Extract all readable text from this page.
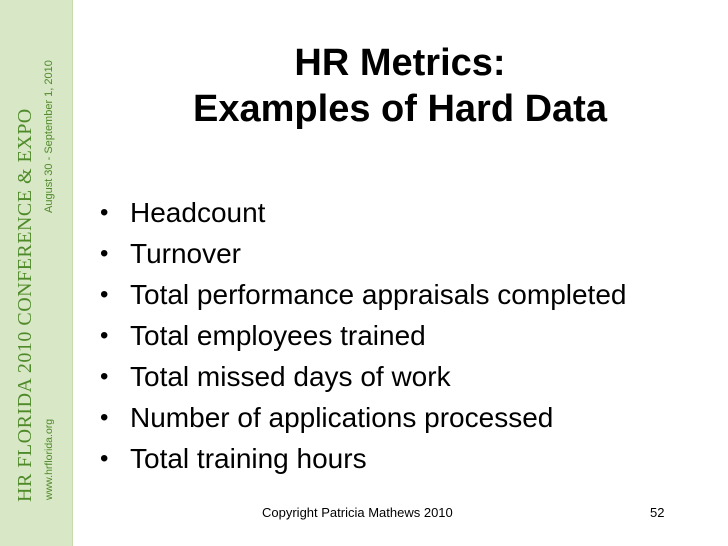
www.hrflorida.org
HR FLORIDA 2010 CONFERENCE & EXPO August 30 - September 1, 2010	HR Metrics:
Examples of Hard Data
• Headcount
• Turnover
• Total performance appraisals completed
• Total employees trained
• Total missed days of work
• Number of applications processed
• Total training hours
Copyright Patricia Mathews 2010	52
